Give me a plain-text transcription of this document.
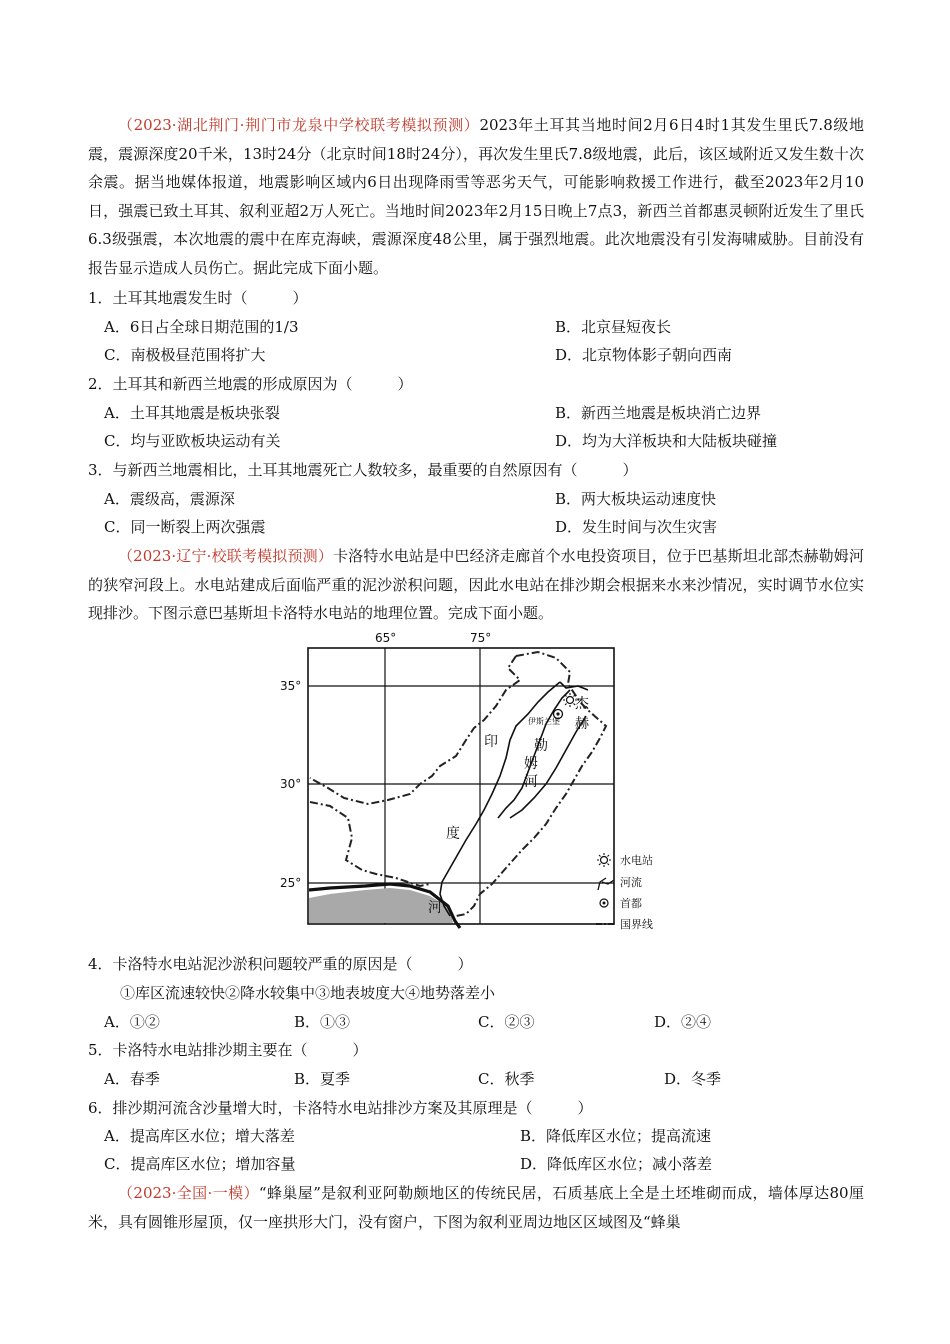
（2023·湖北荆门·荆门市龙泉中学校联考模拟预测）2023年土耳其当地时间2月6日4时1其发生里氏7.8级地震，震源深度20千米，13时24分（北京时间18时24分），再次发生里氏7.8级地震，此后，该区域附近又发生数十次余震。据当地媒体报道，地震影响区域内6日出现降雨雪等恶劣天气，可能影响救援工作进行，截至2023年2月10日，强震已致土耳其、叙利亚超2万人死亡。当地时间2023年2月15日晚上7点3，新西兰首都惠灵顿附近发生了里氏6.3级强震，本次地震的震中在库克海峡，震源深度48公里，属于强烈地震。此次地震没有引发海啸威胁。目前没有报告显示造成人员伤亡。据此完成下面小题。

1．土耳其地震发生时（　　　）

A．6日占全球日期范围的1/3	B．北京昼短夜长

C．南极极昼范围将扩大	D．北京物体影子朝向西南

2．土耳其和新西兰地震的形成原因为（　　　）

A．土耳其地震是板块张裂	B．新西兰地震是板块消亡边界

C．均与亚欧板块运动有关	D．均为大洋板块和大陆板块碰撞

3．与新西兰地震相比，土耳其地震死亡人数较多，最重要的自然原因有（　　　）

A．震级高，震源深	B．两大板块运动速度快

C．同一断裂上两次强震	D．发生时间与次生灾害

（2023·辽宁·校联考模拟预测）卡洛特水电站是中巴经济走廊首个水电投资项目，位于巴基斯坦北部杰赫勒姆河的狭窄河段上。水电站建成后面临严重的泥沙淤积问题，因此水电站在排沙期会根据来水来沙情况，实时调节水位实现排沙。下图示意巴基斯坦卡洛特水电站的地理位置。完成下面小题。

65°	75°
35°
30°
25°
伊斯兰堡
杰
赫
勒
姆
河
印
度
河
水电站
河流
首都
国界线

4．卡洛特水电站泥沙淤积问题较严重的原因是（　　　）

①库区流速较快②降水较集中③地表坡度大④地势落差小

A．①②	B．①③	C．②③	D．②④

5．卡洛特水电站排沙期主要在（　　　）

A．春季	B．夏季	C．秋季	D．冬季

6．排沙期河流含沙量增大时，卡洛特水电站排沙方案及其原理是（　　　）

A．提高库区水位；增大落差	B．降低库区水位；提高流速

C．提高库区水位；增加容量	D．降低库区水位；减小落差

（2023·全国·一模）“蜂巢屋”是叙利亚阿勒颇地区的传统民居，石质基底上全是土坯堆砌而成，墙体厚达80厘米，具有圆锥形屋顶，仅一座拱形大门，没有窗户，下图为叙利亚周边地区区域图及“蜂巢
